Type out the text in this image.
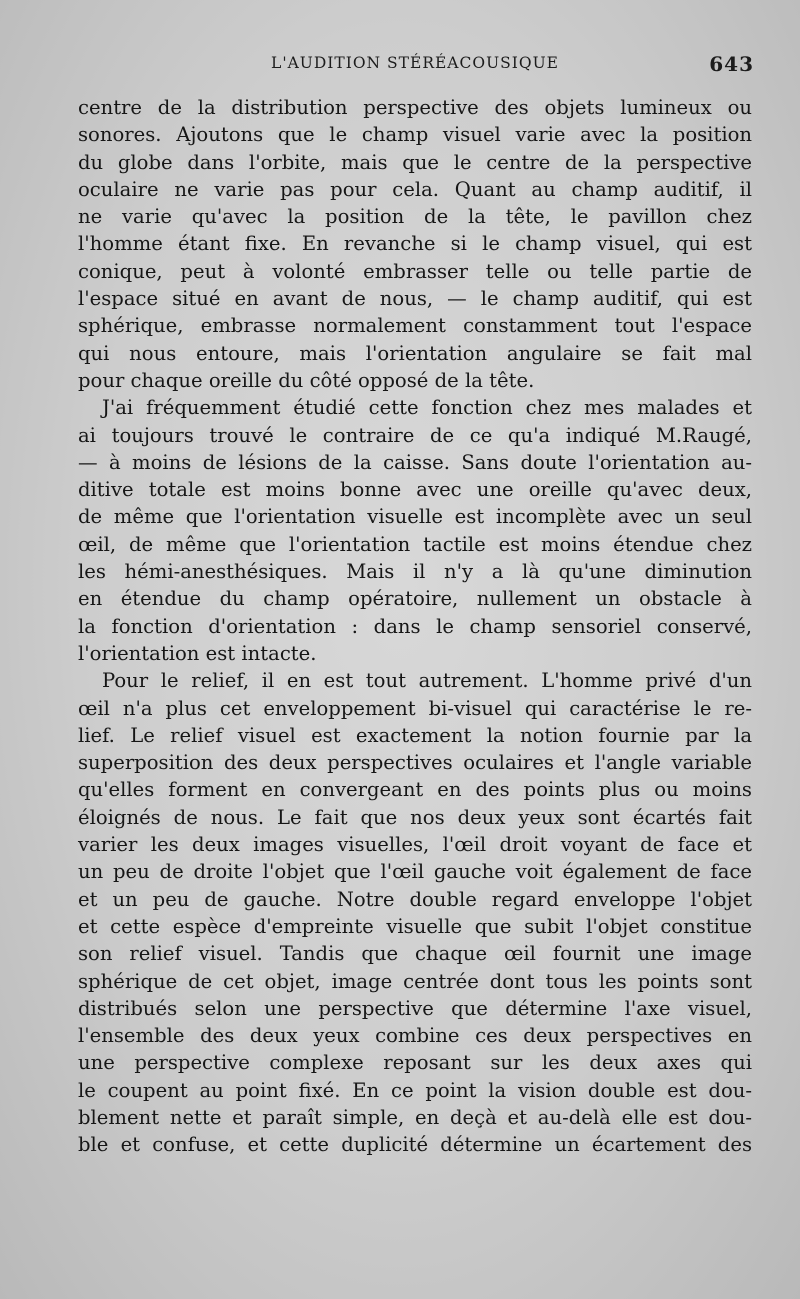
L'AUDITION STÉRÉACOUSIQUE	643
centre de la distribution perspective des objets lumineux ou
sonores. Ajoutons que le champ visuel varie avec la position
du globe dans l'orbite, mais que le centre de la perspective
oculaire ne varie pas pour cela. Quant au champ auditif, il
ne varie qu'avec la position de la tête, le pavillon chez
l'homme étant fixe. En revanche si le champ visuel, qui est
conique, peut à volonté embrasser telle ou telle partie de
l'espace situé en avant de nous, — le champ auditif, qui est
sphérique, embrasse normalement constamment tout l'espace
qui nous entoure, mais l'orientation angulaire se fait mal
pour chaque oreille du côté opposé de la tête.
J'ai fréquemment étudié cette fonction chez mes malades et
ai toujours trouvé le contraire de ce qu'a indiqué M.Raugé,
— à moins de lésions de la caisse. Sans doute l'orientation au-
ditive totale est moins bonne avec une oreille qu'avec deux,
de même que l'orientation visuelle est incomplète avec un seul
œil, de même que l'orientation tactile est moins étendue chez
les hémi-anesthésiques. Mais il n'y a là qu'une diminution
en étendue du champ opératoire, nullement un obstacle à
la fonction d'orientation : dans le champ sensoriel conservé,
l'orientation est intacte.
Pour le relief, il en est tout autrement. L'homme privé d'un
œil n'a plus cet enveloppement bi-visuel qui caractérise le re-
lief. Le relief visuel est exactement la notion fournie par la
superposition des deux perspectives oculaires et l'angle variable
qu'elles forment en convergeant en des points plus ou moins
éloignés de nous. Le fait que nos deux yeux sont écartés fait
varier les deux images visuelles, l'œil droit voyant de face et
un peu de droite l'objet que l'œil gauche voit également de face
et un peu de gauche. Notre double regard enveloppe l'objet
et cette espèce d'empreinte visuelle que subit l'objet constitue
son relief visuel. Tandis que chaque œil fournit une image
sphérique de cet objet, image centrée dont tous les points sont
distribués selon une perspective que détermine l'axe visuel,
l'ensemble des deux yeux combine ces deux perspectives en
une perspective complexe reposant sur les deux axes qui
le coupent au point fixé. En ce point la vision double est dou-
blement nette et paraît simple, en deçà et au-delà elle est dou-
ble et confuse, et cette duplicité détermine un écartement des
